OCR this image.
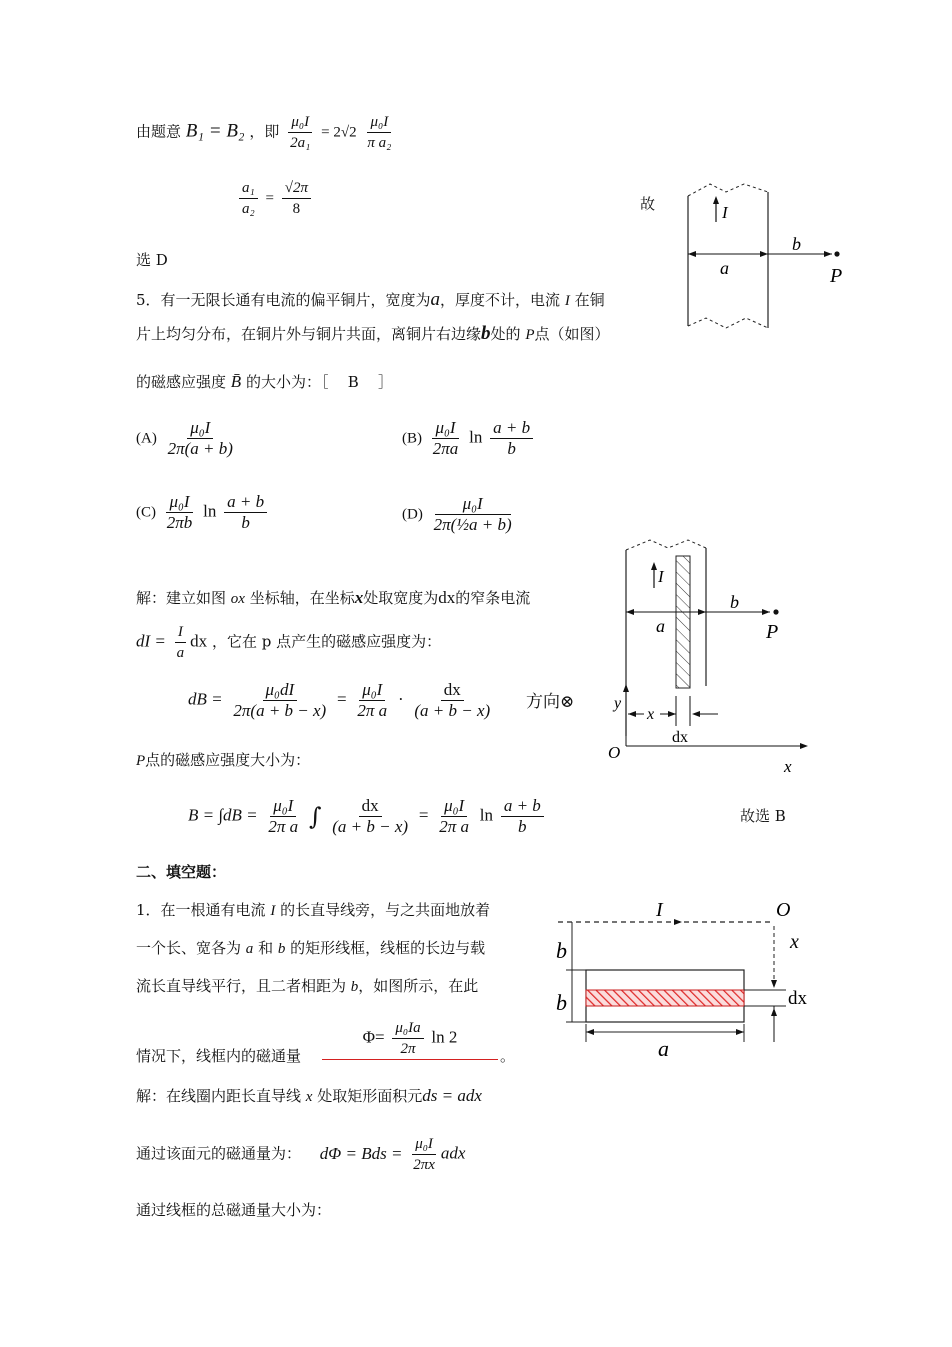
由题意 B₁ = B₂ ，即 $\frac{\text{μ₀I}}{\text{2a₁}} = 2√2 \frac{\text{μ₀I}}{\text{π a₂}}$
$\frac{\text{a₁}}{\text{a₂}} = \frac{√2\pi}{8}$	故
选 D
I
a
b
P
5．有一无限长通有电流的偏平铜片，宽度为a，厚度不计，电流 I 在铜
片上均匀分布，在铜片外与铜片共面，离铜片右边缘b处的 P点（如图）
的磁感应强度 B̄ 的大小为：［ B ］
$(A) \frac{\text{μ₀I}}{2\pi(a + b)}$	$(B) \frac{\text{μ₀I}}{2\pi a}$ $\ln \frac{a + b}{b}$
$(C) \frac{\text{μ₀I}}{2\pi b}$ $\ln \frac{a + b}{b}$	$(D) \frac{\text{μ₀I}}{\text{2π(½a + b)}}$
I
a
b
P
y
O
x
x
dx
解：建立如图 ox 坐标轴，在坐标x处取宽度为dx的窄条电流
dI = $\frac{I}{a}$ dx ，它在 p 点产生的磁感应强度为：
dB = $\frac{\text{μ₀dI}}{2\pi(a + b - x)} = \frac{\text{μ₀I}}{\text{2π a}} \cdot \frac{dx}{(a + b - x)}$ 方向⊗
P点的磁感应强度大小为：
$B = \int dB = \frac{\text{μ₀I}}{\text{2π a}}$ ∫ $\frac{dx}{(a + b - x)} = \frac{\text{μ₀I}}{\text{2π a}}$ $\ln \frac{a + b}{b}$	故选 B
二、填空题：
1．在一根通有电流 I 的长直导线旁，与之共面地放着
一个长、宽各为 a 和 b 的矩形线框，线框的长边与载
流长直导线平行，且二者相距为 b，如图所示，在此
情况下，线框内的磁通量
$\Phi= \frac{\text{μ₀Ia}}{2\pi}$ ln 2
。
I	O
x
dx
b
b
a
解：在线圈内距长直导线 x 处取矩形面积元ds = adx
通过该面元的磁通量为： dΦ = Bds = $\frac{\text{μ₀I}}{2\pi x}$ adx
通过线框的总磁通量大小为：
